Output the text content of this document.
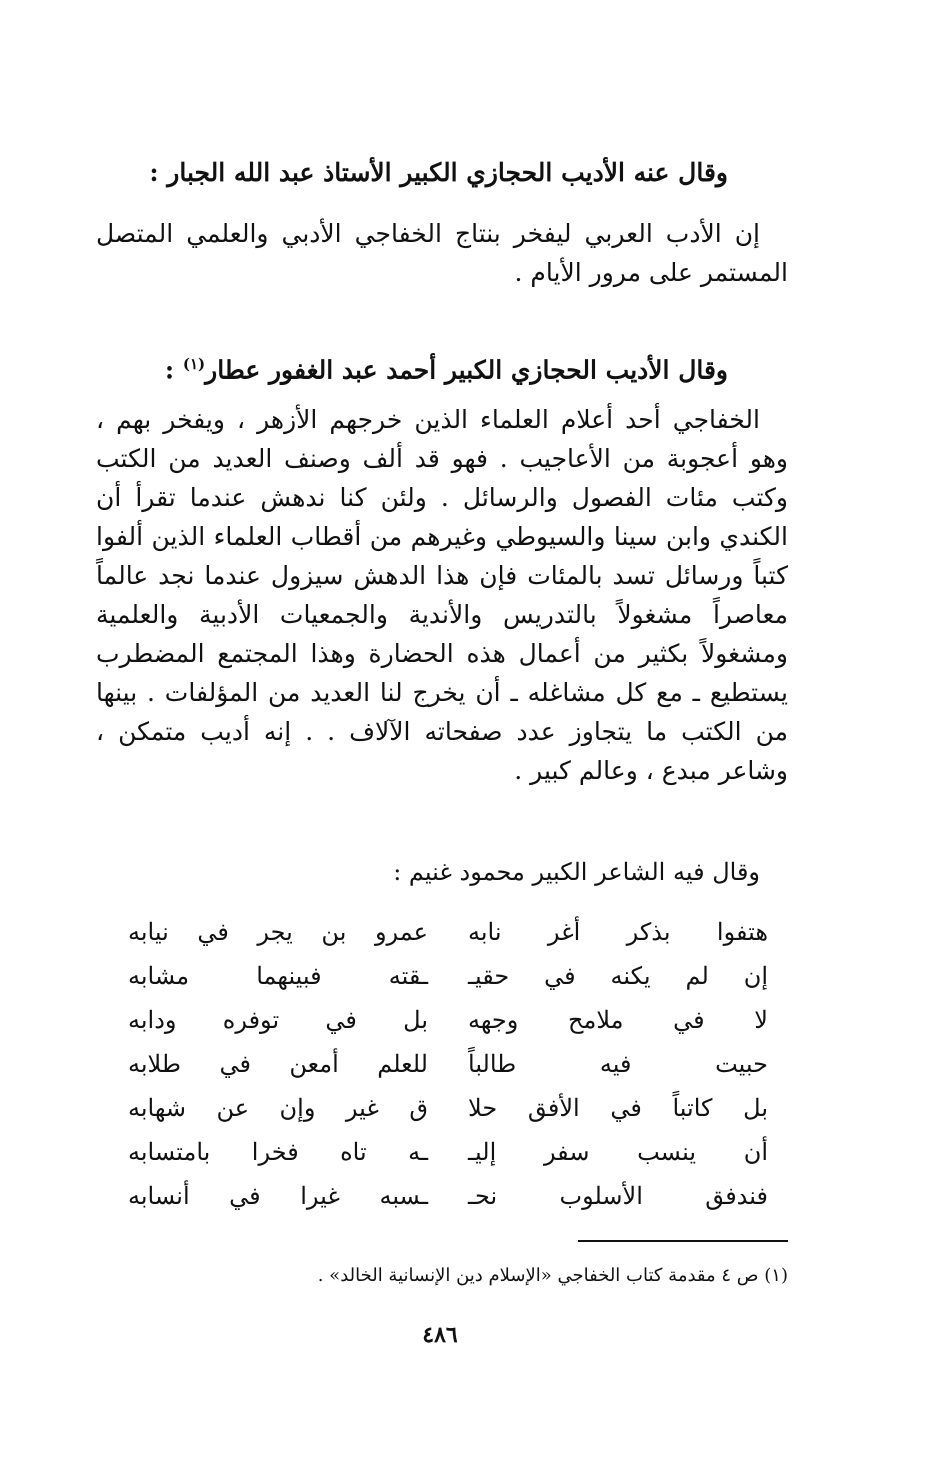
وقال عنه الأديب الحجازي الكبير الأستاذ عبد الله الجبار :

إن الأدب العربي ليفخر بنتاج الخفاجي الأدبي والعلمي المتصل المستمر على مرور الأيام .

وقال الأديب الحجازي الكبير أحمد عبد الغفور عطار$^{(١)}$ :

الخفاجي أحد أعلام العلماء الذين خرجهم الأزهر ، ويفخر بهم ، وهو أعجوبة من الأعاجيب . فهو قد ألف وصنف العديد من الكتب وكتب مئات الفصول والرسائل . ولئن كنا ندهش عندما تقرأ أن الكندي وابن سينا والسيوطي وغيرهم من أقطاب العلماء الذين ألفوا كتباً ورسائل تسد بالمئات فإن هذا الدهش سيزول عندما نجد عالماً معاصراً مشغولاً بالتدريس والأندية والجمعيات الأدبية والعلمية ومشغولاً بكثير من أعمال هذه الحضارة وهذا المجتمع المضطرب يستطيع ـ مع كل مشاغله ـ أن يخرج لنا العديد من المؤلفات . بينها من الكتب ما يتجاوز عدد صفحاته الآلاف . . إنه أديب متمكن ، وشاعر مبدع ، وعالم كبير .

وقال فيه الشاعر الكبير محمود غنيم :
هتفوا بذكر أغر نابه
عمرو بن يجر في نيابه
إن لم يكنه في حقيـ
ـقته فبينهما مشابه
لا في ملامح وجهه
بل في توفره ودابه
حبيت فيه طالباً
للعلم أمعن في طلابه
بل كاتباً في الأفق حلا
ق غير وإن عن شهابه
أن ينسب سفر إليـ
ـه تاه فخرا بامتسابه
فندفق الأسلوب نحـ
ـسبه غيرا في أنسابه
(١) ص ٤ مقدمة كتاب الخفاجي «الإسلام دين الإنسانية الخالد» .
٤٨٦
